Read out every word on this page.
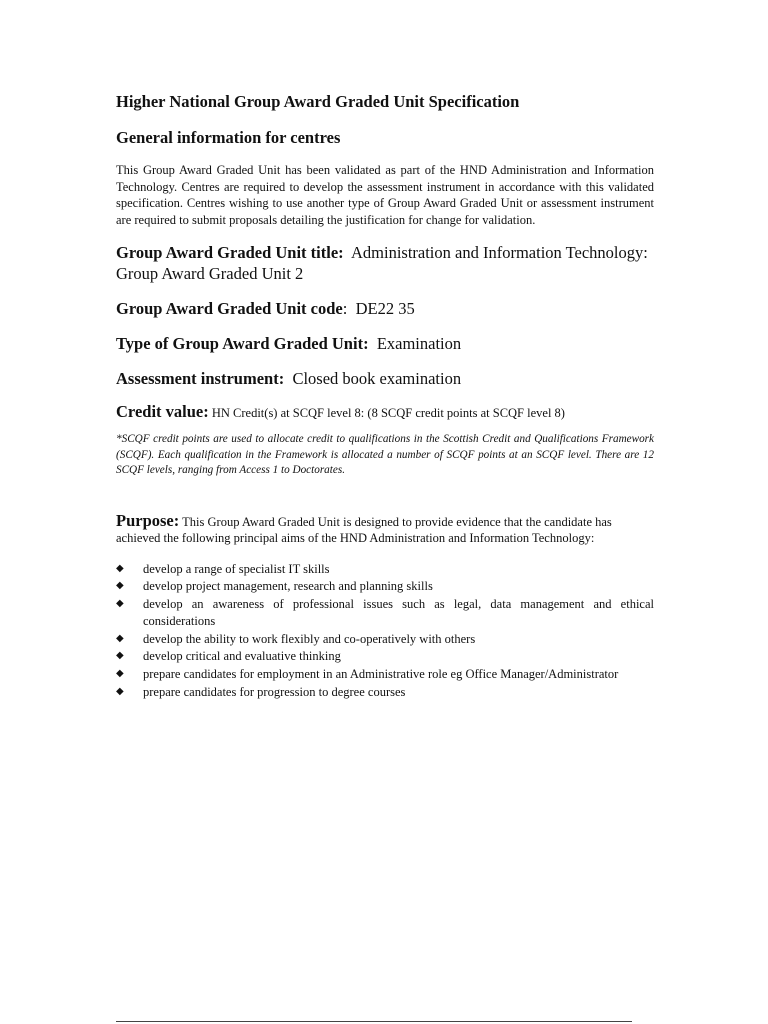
Higher National Group Award Graded Unit Specification
General information for centres

This Group Award Graded Unit has been validated as part of the HND Administration and Information Technology. Centres are required to develop the assessment instrument in accordance with this validated specification. Centres wishing to use another type of Group Award Graded Unit or assessment instrument are required to submit proposals detailing the justification for change for validation.

Group Award Graded Unit title: Administration and Information Technology: Group Award Graded Unit 2
Group Award Graded Unit code:  DE22 35
Type of Group Award Graded Unit: Examination
Assessment instrument: Closed book examination

Credit value: HN Credit(s) at SCQF level 8: (8 SCQF credit points at SCQF level 8)

*SCQF credit points are used to allocate credit to qualifications in the Scottish Credit and Qualifications Framework (SCQF). Each qualification in the Framework is allocated a number of SCQF points at an SCQF level. There are 12 SCQF levels, ranging from Access 1 to Doctorates.

Purpose: This Group Award Graded Unit is designed to provide evidence that the candidate has achieved the following principal aims of the HND Administration and Information Technology:

◆ develop a range of specialist IT skills
◆ develop project management, research and planning skills
◆ develop an awareness of professional issues such as legal, data management and ethical considerations
◆ develop the ability to work flexibly and co-operatively with others
◆ develop critical and evaluative thinking
◆ prepare candidates for employment in an Administrative role eg Office Manager/Administrator
◆ prepare candidates for progression to degree courses
